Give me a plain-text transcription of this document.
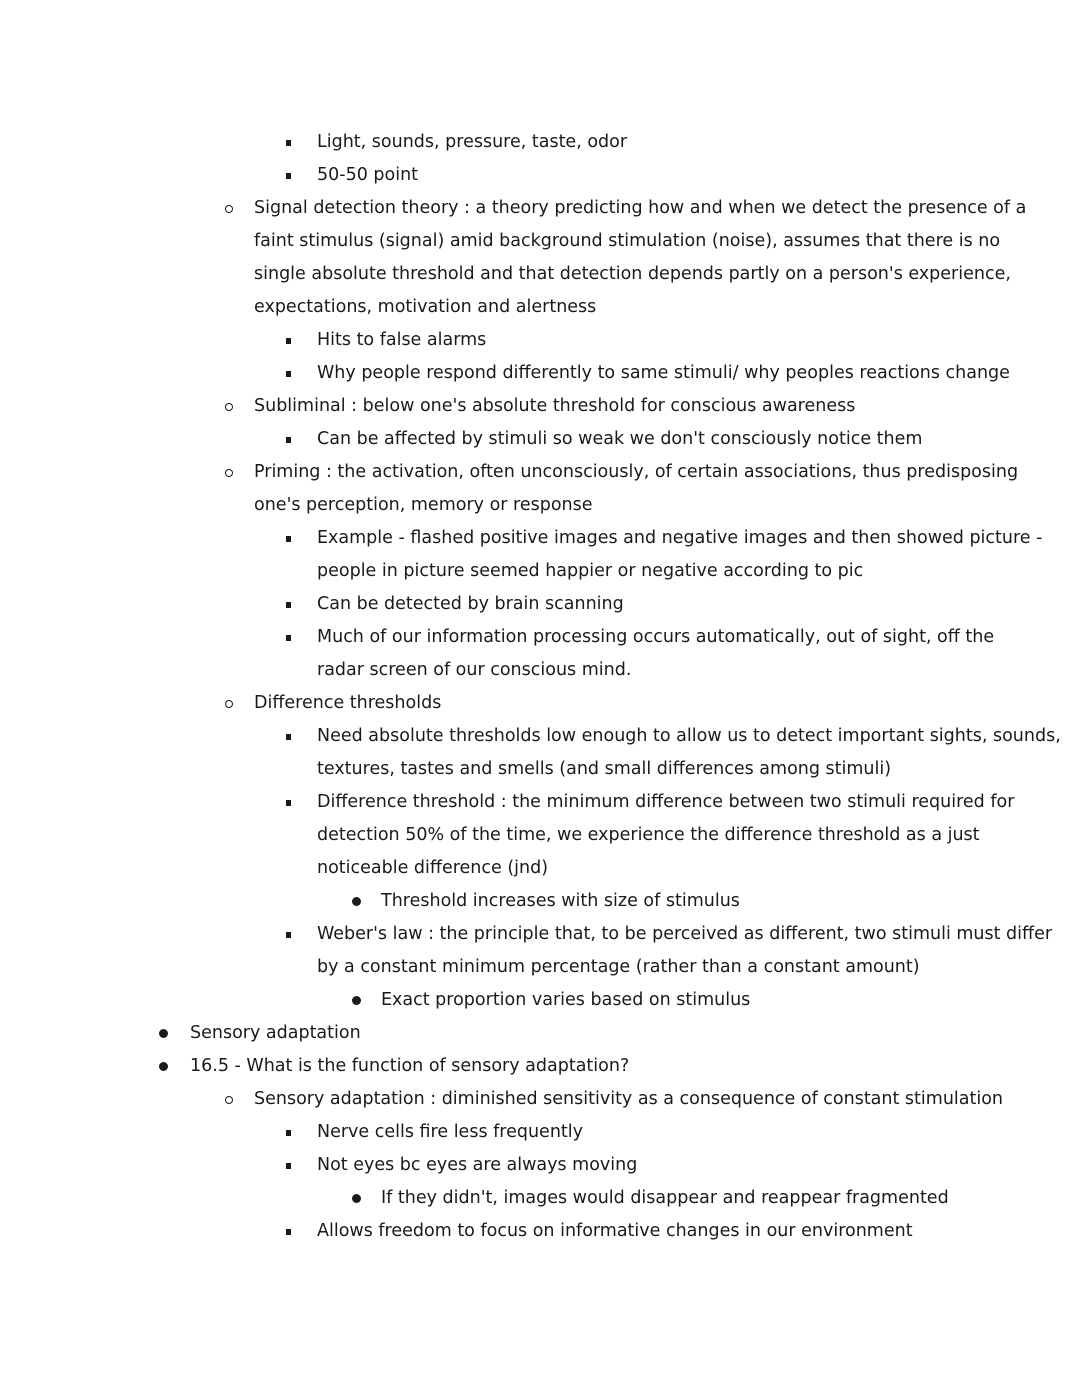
Light, sounds, pressure, taste, odor
50-50 point
Signal detection theory : a theory predicting how and when we detect the presence of a
faint stimulus (signal) amid background stimulation (noise), assumes that there is no
single absolute threshold and that detection depends partly on a person's experience,
expectations, motivation and alertness
Hits to false alarms
Why people respond differently to same stimuli/ why peoples reactions change
Subliminal : below one's absolute threshold for conscious awareness
Can be affected by stimuli so weak we don't consciously notice them
Priming : the activation, often unconsciously, of certain associations, thus predisposing
one's perception, memory or response
Example - flashed positive images and negative images and then showed picture -
people in picture seemed happier or negative according to pic
Can be detected by brain scanning
Much of our information processing occurs automatically, out of sight, off the
radar screen of our conscious mind.
Difference thresholds
Need absolute thresholds low enough to allow us to detect important sights, sounds,
textures, tastes and smells (and small differences among stimuli)
Difference threshold : the minimum difference between two stimuli required for
detection 50% of the time, we experience the difference threshold as a just
noticeable difference (jnd)
Threshold increases with size of stimulus
Weber's law : the principle that, to be perceived as different, two stimuli must differ
by a constant minimum percentage (rather than a constant amount)
Exact proportion varies based on stimulus
Sensory adaptation
16.5 - What is the function of sensory adaptation?
Sensory adaptation : diminished sensitivity as a consequence of constant stimulation
Nerve cells fire less frequently
Not eyes bc eyes are always moving
If they didn't, images would disappear and reappear fragmented
Allows freedom to focus on informative changes in our environment
